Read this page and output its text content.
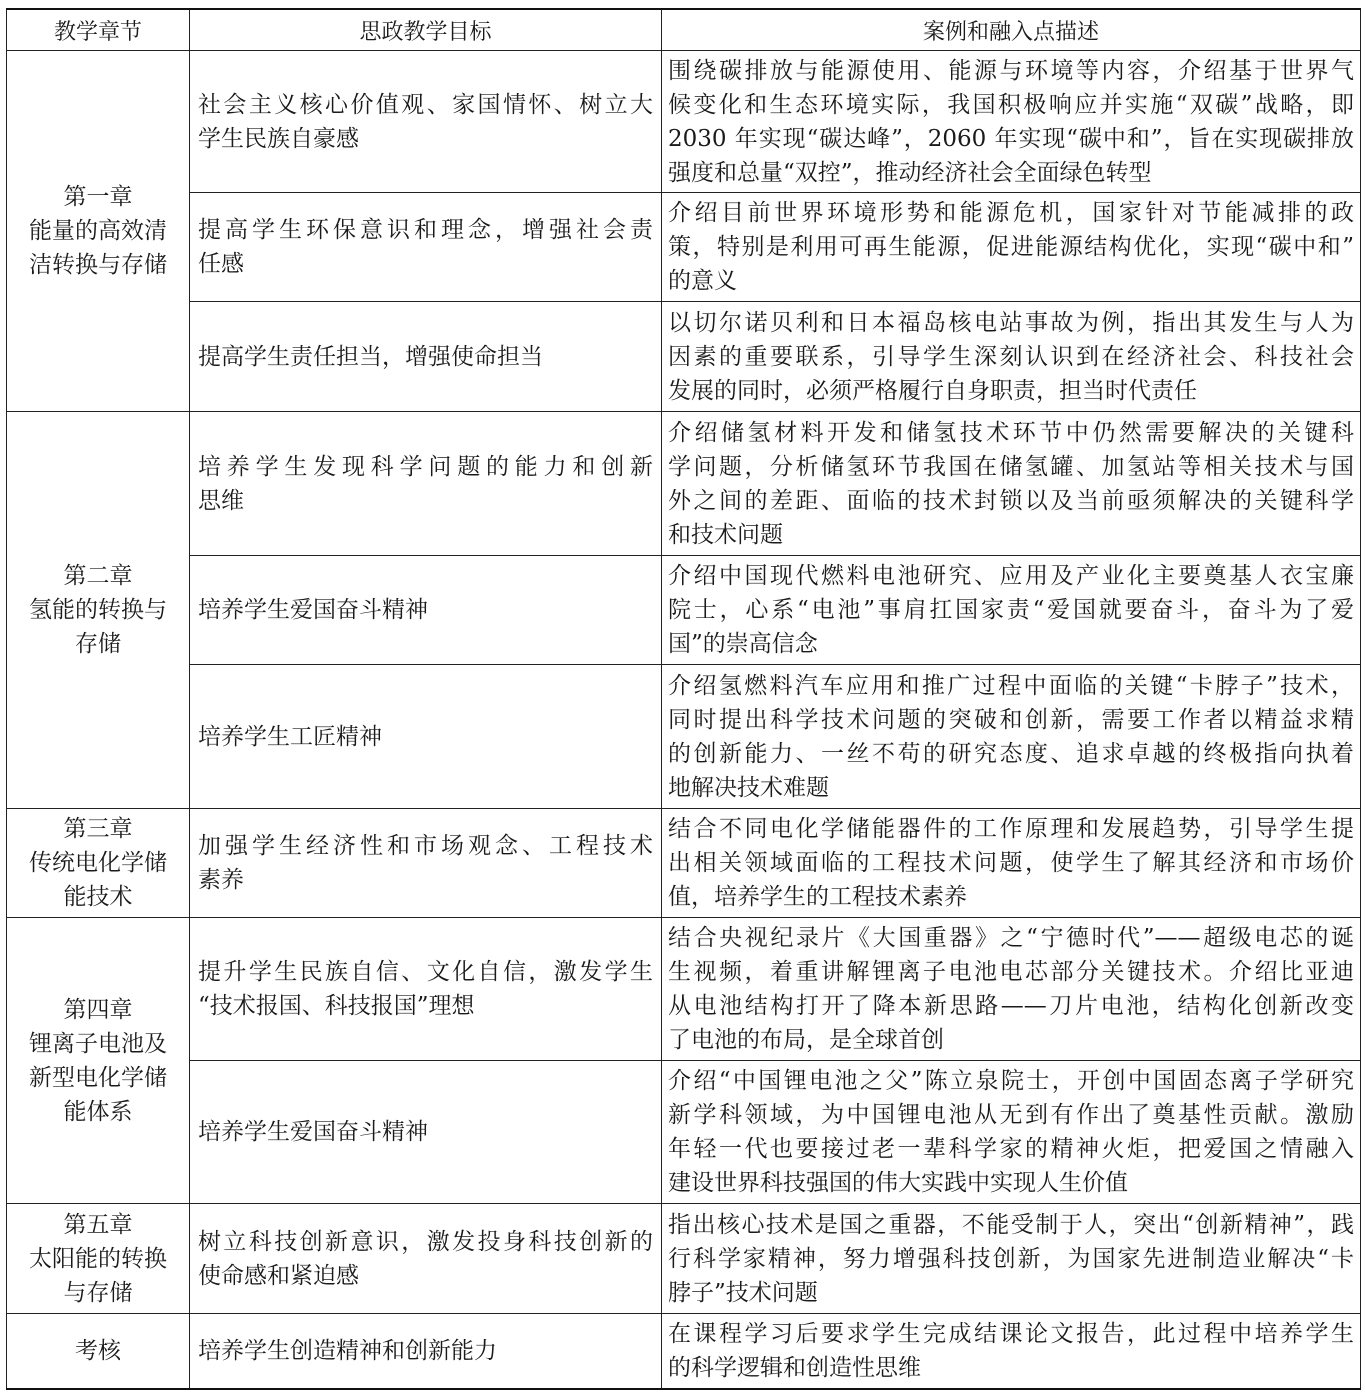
教学章节	思政教学目标	案例和融入点描述

第一章
能量的高效清
洁转换与存储	社会主义核心价值观、家国情怀、树立大
学生民族自豪感	围绕碳排放与能源使用、能源与环境等内容，介绍基于世界气
候变化和生态环境实际，我国积极响应并实施“双碳”战略，即
2030 年实现“碳达峰”，2060 年实现“碳中和”，旨在实现碳排放
强度和总量“双控”，推动经济社会全面绿色转型

	提高学生环保意识和理念，增强社会责
任感	介绍目前世界环境形势和能源危机，国家针对节能减排的政
策，特别是利用可再生能源，促进能源结构优化，实现“碳中和”
的意义

	提高学生责任担当，增强使命担当	以切尔诺贝利和日本福岛核电站事故为例，指出其发生与人为
因素的重要联系，引导学生深刻认识到在经济社会、科技社会
发展的同时，必须严格履行自身职责，担当时代责任

第二章
氢能的转换与
存储	培养学生发现科学问题的能力和创新
思维	介绍储氢材料开发和储氢技术环节中仍然需要解决的关键科
学问题，分析储氢环节我国在储氢罐、加氢站等相关技术与国
外之间的差距、面临的技术封锁以及当前亟须解决的关键科学
和技术问题

	培养学生爱国奋斗精神	介绍中国现代燃料电池研究、应用及产业化主要奠基人衣宝廉
院士，心系“电池”事肩扛国家责“爱国就要奋斗，奋斗为了爱
国”的崇高信念

	培养学生工匠精神	介绍氢燃料汽车应用和推广过程中面临的关键“卡脖子”技术，
同时提出科学技术问题的突破和创新，需要工作者以精益求精
的创新能力、一丝不苟的研究态度、追求卓越的终极指向执着
地解决技术难题

第三章
传统电化学储
能技术	加强学生经济性和市场观念、工程技术
素养	结合不同电化学储能器件的工作原理和发展趋势，引导学生提
出相关领域面临的工程技术问题，使学生了解其经济和市场价
值，培养学生的工程技术素养

第四章
锂离子电池及
新型电化学储
能体系	提升学生民族自信、文化自信，激发学生
“技术报国、科技报国”理想	结合央视纪录片《大国重器》之“宁德时代”——超级电芯的诞
生视频，着重讲解锂离子电池电芯部分关键技术。介绍比亚迪
从电池结构打开了降本新思路——刀片电池，结构化创新改变
了电池的布局，是全球首创

	培养学生爱国奋斗精神	介绍“中国锂电池之父”陈立泉院士，开创中国固态离子学研究
新学科领域，为中国锂电池从无到有作出了奠基性贡献。激励
年轻一代也要接过老一辈科学家的精神火炬，把爱国之情融入
建设世界科技强国的伟大实践中实现人生价值

第五章
太阳能的转换
与存储	树立科技创新意识，激发投身科技创新的
使命感和紧迫感	指出核心技术是国之重器，不能受制于人，突出“创新精神”，践
行科学家精神，努力增强科技创新，为国家先进制造业解决“卡
脖子”技术问题

考核	培养学生创造精神和创新能力	在课程学习后要求学生完成结课论文报告，此过程中培养学生
的科学逻辑和创造性思维
